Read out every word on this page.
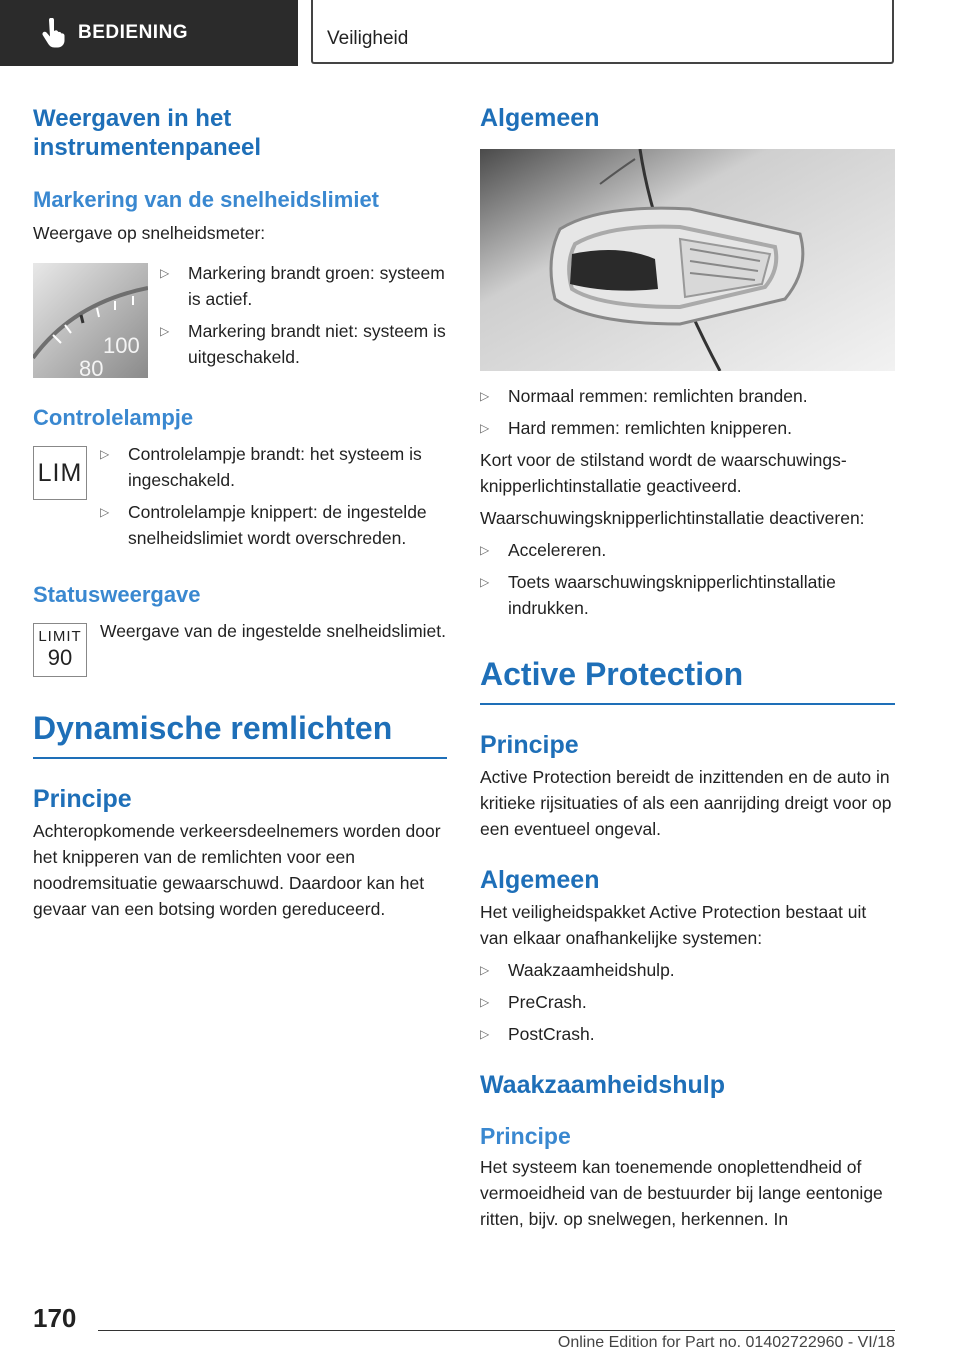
BEDIENING	Veiligheid
Weergaven in het instrumentenpaneel
Markering van de snelheidslimiet

Weergave op snelheidsmeter:

100
80
▷	Markering brandt groen: systeem is actief.
▷	Markering brandt niet: systeem is uitgeschakeld.
Controlelampje
LIM
▷	Controlelampje brandt: het systeem is ingeschakeld.
▷	Controlelampje knippert: de ingestelde snelheidslimiet wordt overschreden.
Statusweergave
LIMIT
90

Weergave van de ingestelde snelheidslimiet.

Dynamische remlichten
Principe

Achteropkomende verkeersdeelnemers worden door het knipperen van de remlichten voor een noodremsituatie gewaarschuwd. Daardoor kan het gevaar van een botsing worden gereduceerd.

Algemeen
▷	Normaal remmen: remlichten branden.
▷	Hard remmen: remlichten knipperen.

Kort voor de stilstand wordt de waarschuwingsknipperlichtinstallatie geactiveerd.

Waarschuwingsknipperlichtinstallatie deactiveren:

▷	Accelereren.
▷	Toets waarschuwingsknipperlichtinstallatie indrukken.
Active Protection
Principe

Active Protection bereidt de inzittenden en de auto in kritieke rijsituaties of als een aanrijding dreigt voor op een eventueel ongeval.

Algemeen

Het veiligheidspakket Active Protection bestaat uit van elkaar onafhankelijke systemen:

▷	Waakzaamheidshulp.
▷	PreCrash.
▷	PostCrash.
Waakzaamheidshulp
Principe

Het systeem kan toenemende onoplettendheid of vermoeidheid van de bestuurder bij lange eentonige ritten, bijv. op snelwegen, herkennen. In

170
Online Edition for Part no. 01402722960 - VI/18
